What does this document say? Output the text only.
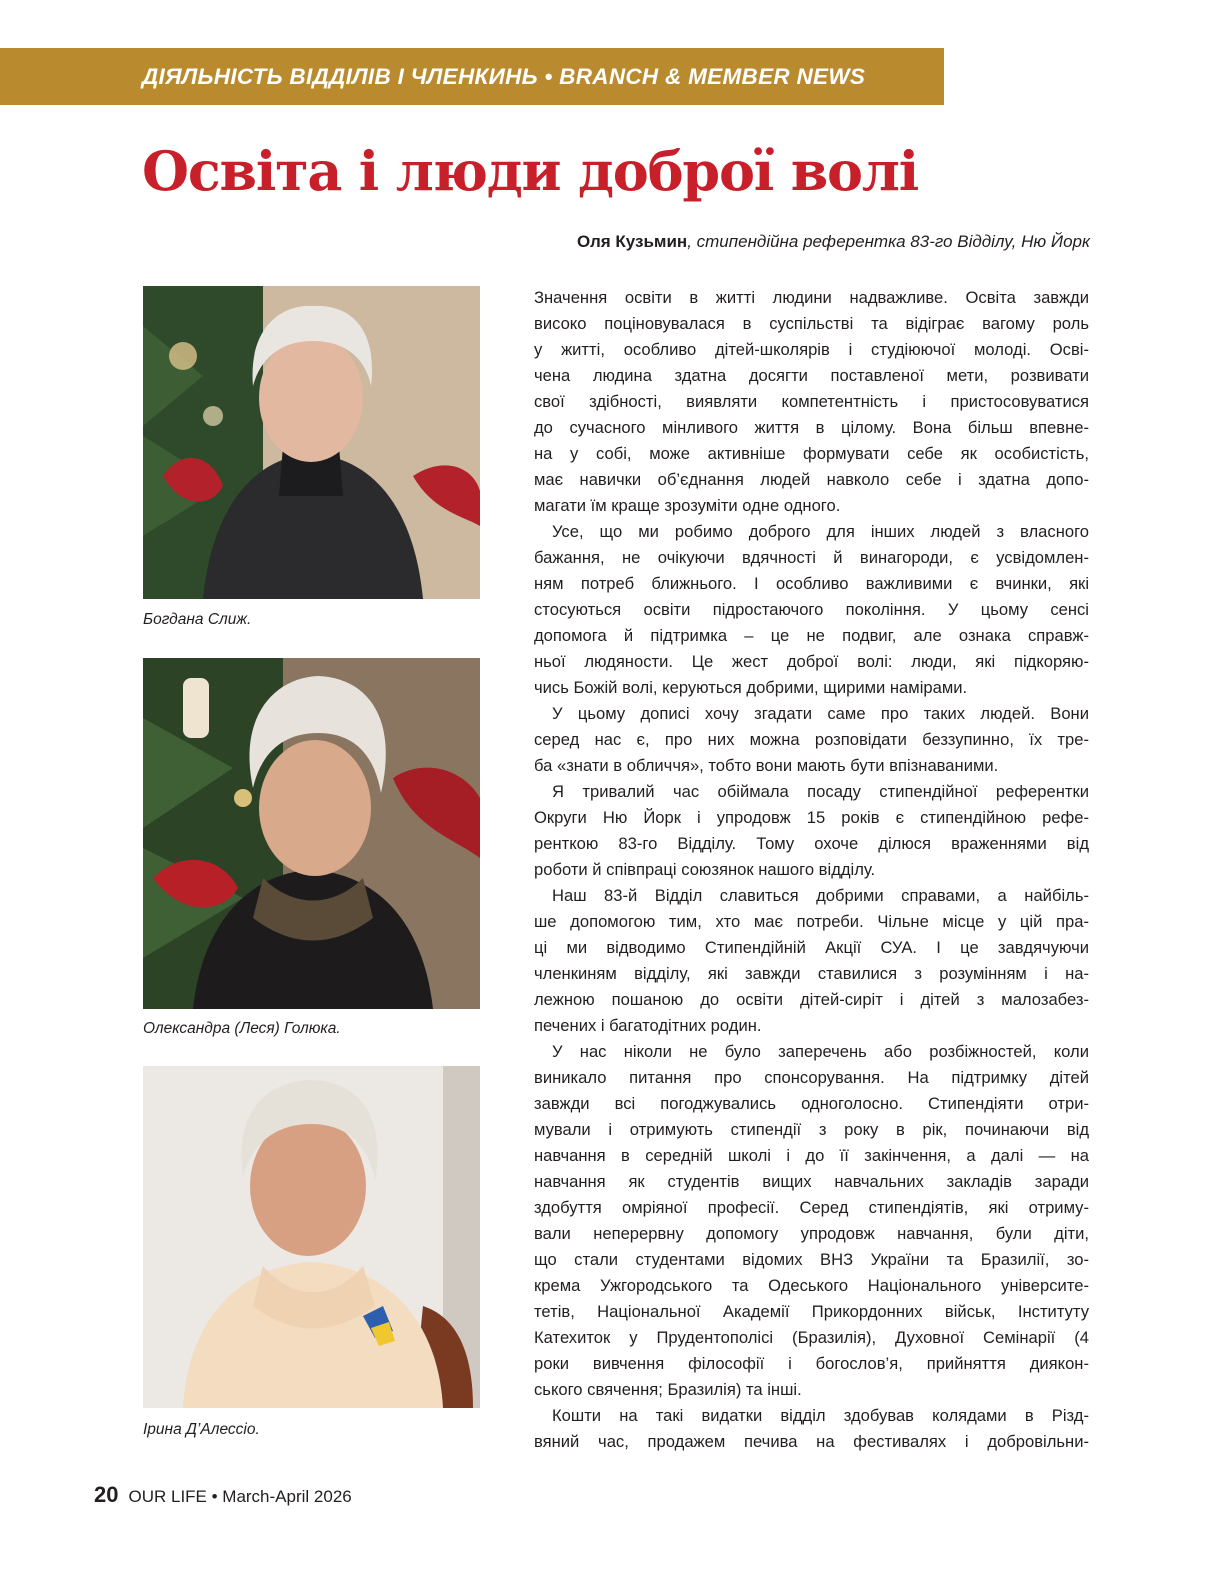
ДІЯЛЬНІСТЬ ВІДДІЛІВ І ЧЛЕНКИНЬ • BRANCH & MEMBER NEWS
Освіта і люди доброї волі
Оля Кузьмин, стипендійна референтка 83-го Відділу, Ню Йорк
Богдана Слиж.
Олександра (Леся) Голюка.
Ірина Д’Алессіо.
Значення освіти в житті людини надважливе. Освіта завжди
високо поціновувалася в суспільстві та відіграє вагому роль
у житті, особливо дітей-школярів і студіюючої молоді. Осві-
чена людина здатна досягти поставленої мети, розвивати
свої здібності, виявляти компетентність і пристосовуватися
до сучасного мінливого життя в цілому. Вона більш впевне-
на у собі, може активніше формувати себе як особистість,
має навички об’єднання людей навколо себе і здатна допо-
магати їм краще зрозуміти одне одного.
Усе, що ми робимо доброго для інших людей з власного
бажання, не очікуючи вдячності й винагороди, є усвідомлен-
ням потреб ближнього. І особливо важливими є вчинки, які
стосуються освіти підростаючого покоління. У цьому сенсі
допомога й підтримка – це не подвиг, але ознака справж-
ньої людяности. Це жест доброї волі: люди, які підкоряю-
чись Божій волі, керуються добрими, щирими намірами.
У цьому дописі хочу згадати саме про таких людей. Вони
серед нас є, про них можна розповідати беззупинно, їх тре-
ба «знати в обличчя», тобто вони мають бути впізнаваними.
Я тривалий час обіймала посаду стипендійної референтки
Округи Ню Йорк і упродовж 15 років є стипендійною рефе-
ренткою 83-го Відділу. Тому охоче ділюся враженнями від
роботи й співпраці союзянок нашого відділу.
Наш 83-й Відділ славиться добрими справами, а найбіль-
ше допомогою тим, хто має потреби. Чільне місце у цій пра-
ці ми відводимо Стипендійній Акції СУА. І це завдячуючи
членкиням відділу, які завжди ставилися з розумінням і на-
лежною пошаною до освіти дітей-сиріт і дітей з малозабез-
печених і багатодітних родин.
У нас ніколи не було заперечень або розбіжностей, коли
виникало питання про спонсорування. На підтримку дітей
завжди всі погоджувались одноголосно. Стипендіяти отри-
мували і отримують стипендії з року в рік, починаючи від
навчання в середній школі і до її закінчення, а далі — на
навчання як студентів вищих навчальних закладів заради
здобуття омріяної професії. Серед стипендіятів, які отриму-
вали неперервну допомогу упродовж навчання, були діти,
що стали студентами відомих ВНЗ України та Бразилії, зо-
крема Ужгородського та Одеського Національного університе-
тетів, Національної Академії Прикордонних військ, Інституту
Катехиток у Прудентополісі (Бразилія), Духовної Семінарії (4
роки вивчення філософії і богослов’я, прийняття диякон-
ського свячення; Бразилія) та інші.
Кошти на такі видатки відділ здобував колядами в Різд-
вяний час, продажем печива на фестивалях і добровільни-
20 OUR LIFE • March-April 2026
